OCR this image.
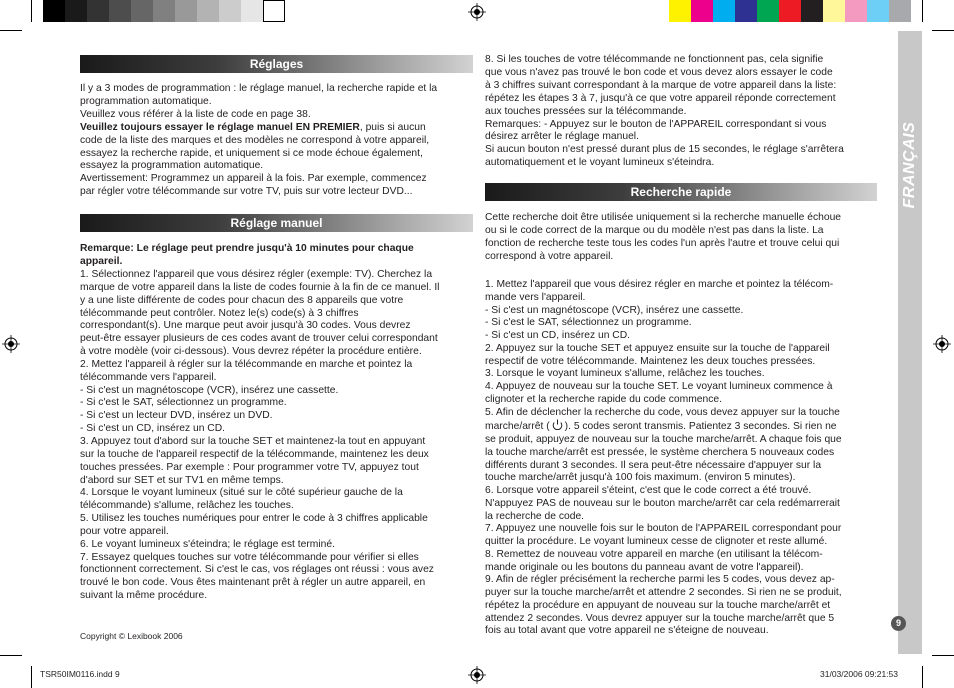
FRANÇAIS
Réglages

Il y a 3 modes de programmation : le réglage manuel, la recherche rapide et la

programmation automatique.

Veuillez vous référer à la liste de code en page 38.

Veuillez toujours essayer le réglage manuel EN PREMIER, puis si aucun

code de la liste des marques et des modèles ne correspond à votre appareil,

essayez la recherche rapide, et uniquement si ce mode échoue également,

essayez la programmation automatique.

Avertissement: Programmez un appareil à la fois. Par exemple, commencez

par régler votre télécommande sur votre TV, puis sur votre lecteur DVD...

Réglage manuel

Remarque: Le réglage peut prendre jusqu'à 10 minutes pour chaque

appareil.

1. Sélectionnez l'appareil que vous désirez régler (exemple: TV). Cherchez la

marque de votre appareil dans la liste de codes fournie à la fin de ce manuel. Il

y a une liste différente de codes pour chacun des 8 appareils que votre

télécommande peut contrôler. Notez le(s) code(s) à 3 chiffres

correspondant(s). Une marque peut avoir jusqu'à 30 codes. Vous devrez

peut-être essayer plusieurs de ces codes avant de trouver celui correspondant

à votre modèle (voir ci-dessous). Vous devrez répéter la procédure entière.

2. Mettez l'appareil à régler sur la télécommande en marche et pointez la

télécommande vers l'appareil.

- Si c'est un magnétoscope (VCR), insérez une cassette.

- Si c'est le SAT, sélectionnez un programme.

- Si c'est un lecteur DVD, insérez un DVD.

- Si c'est un CD, insérez un CD.

3. Appuyez tout d'abord sur la touche SET et maintenez-la tout en appuyant

sur la touche de l'appareil respectif de la télécommande, maintenez les deux

touches pressées. Par exemple : Pour programmer votre TV, appuyez tout

d'abord sur SET et sur TV1 en même temps.

4. Lorsque le voyant lumineux (situé sur le côté supérieur gauche de la

télécommande) s'allume, relâchez les touches.

5. Utilisez les touches numériques pour entrer le code à 3 chiffres applicable

pour votre appareil.

6. Le voyant lumineux s'éteindra; le réglage est terminé.

7. Essayez quelques touches sur votre télécommande pour vérifier si elles

fonctionnent correctement. Si c'est le cas, vos réglages ont réussi : vous avez

trouvé le bon code. Vous êtes maintenant prêt à régler un autre appareil, en

suivant la même procédure.

Copyright © Lexibook 2006

8. Si les touches de votre télécommande ne fonctionnent pas, cela signifie

que vous n'avez pas trouvé le bon code et vous devez alors essayer le code

à 3 chiffres suivant correspondant à la marque de votre appareil dans la liste:

répétez les étapes 3 à 7, jusqu'à ce que votre appareil réponde correctement

aux touches pressées sur la télécommande.

Remarques: - Appuyez sur le bouton de l'APPAREIL correspondant si vous

désirez arrêter le réglage manuel.

Si aucun bouton n'est pressé durant plus de 15 secondes, le réglage s'arrêtera

automatiquement et le voyant lumineux s'éteindra.

Recherche rapide

Cette recherche doit être utilisée uniquement si la recherche manuelle échoue

ou si le code correct de la marque ou du modèle n'est pas dans la liste. La

fonction de recherche teste tous les codes l'un après l'autre et trouve celui qui

correspond à votre appareil.

1. Mettez l'appareil que vous désirez régler en marche et pointez la télécom-

mande vers l'appareil.

- Si c'est un magnétoscope (VCR), insérez une cassette.

- Si c'est le SAT, sélectionnez un programme.

- Si c'est un CD, insérez un CD.

2. Appuyez sur la touche SET et appuyez ensuite sur la touche de l'appareil

respectif de votre télécommande. Maintenez les deux touches pressées.

3. Lorsque le voyant lumineux s'allume, relâchez les touches.

4. Appuyez de nouveau sur la touche SET. Le voyant lumineux commence à

clignoter et la recherche rapide du code commence.

5. Afin de déclencher la recherche du code, vous devez appuyer sur la touche

marche/arrêt ( ). 5 codes seront transmis. Patientez 3 secondes. Si rien ne

se produit, appuyez de nouveau sur la touche marche/arrêt. A chaque fois que

la touche marche/arrêt est pressée, le système cherchera 5 nouveaux codes

différents durant 3 secondes. Il sera peut-être nécessaire d'appuyer sur la

touche marche/arrêt jusqu'à 100 fois maximum. (environ 5 minutes).

6. Lorsque votre appareil s'éteint, c'est que le code correct a été trouvé.

N'appuyez PAS de nouveau sur le bouton marche/arrêt car cela redémarrerait

la recherche de code.

7. Appuyez une nouvelle fois sur le bouton de l'APPAREIL correspondant pour

quitter la procédure. Le voyant lumineux cesse de clignoter et reste allumé.

8. Remettez de nouveau votre appareil en marche (en utilisant la télécom-

mande originale ou les boutons du panneau avant de votre l'appareil).

9. Afin de régler précisément la recherche parmi les 5 codes, vous devez ap-

puyer sur la touche marche/arrêt et attendre 2 secondes. Si rien ne se produit,

répétez la procédure en appuyant de nouveau sur la touche marche/arrêt et

attendez 2 secondes. Vous devrez appuyer sur la touche marche/arrêt que 5

fois au total avant que votre appareil ne s'éteigne de nouveau.

9
TSR50IM0116.indd 9	31/03/2006 09:21:53
